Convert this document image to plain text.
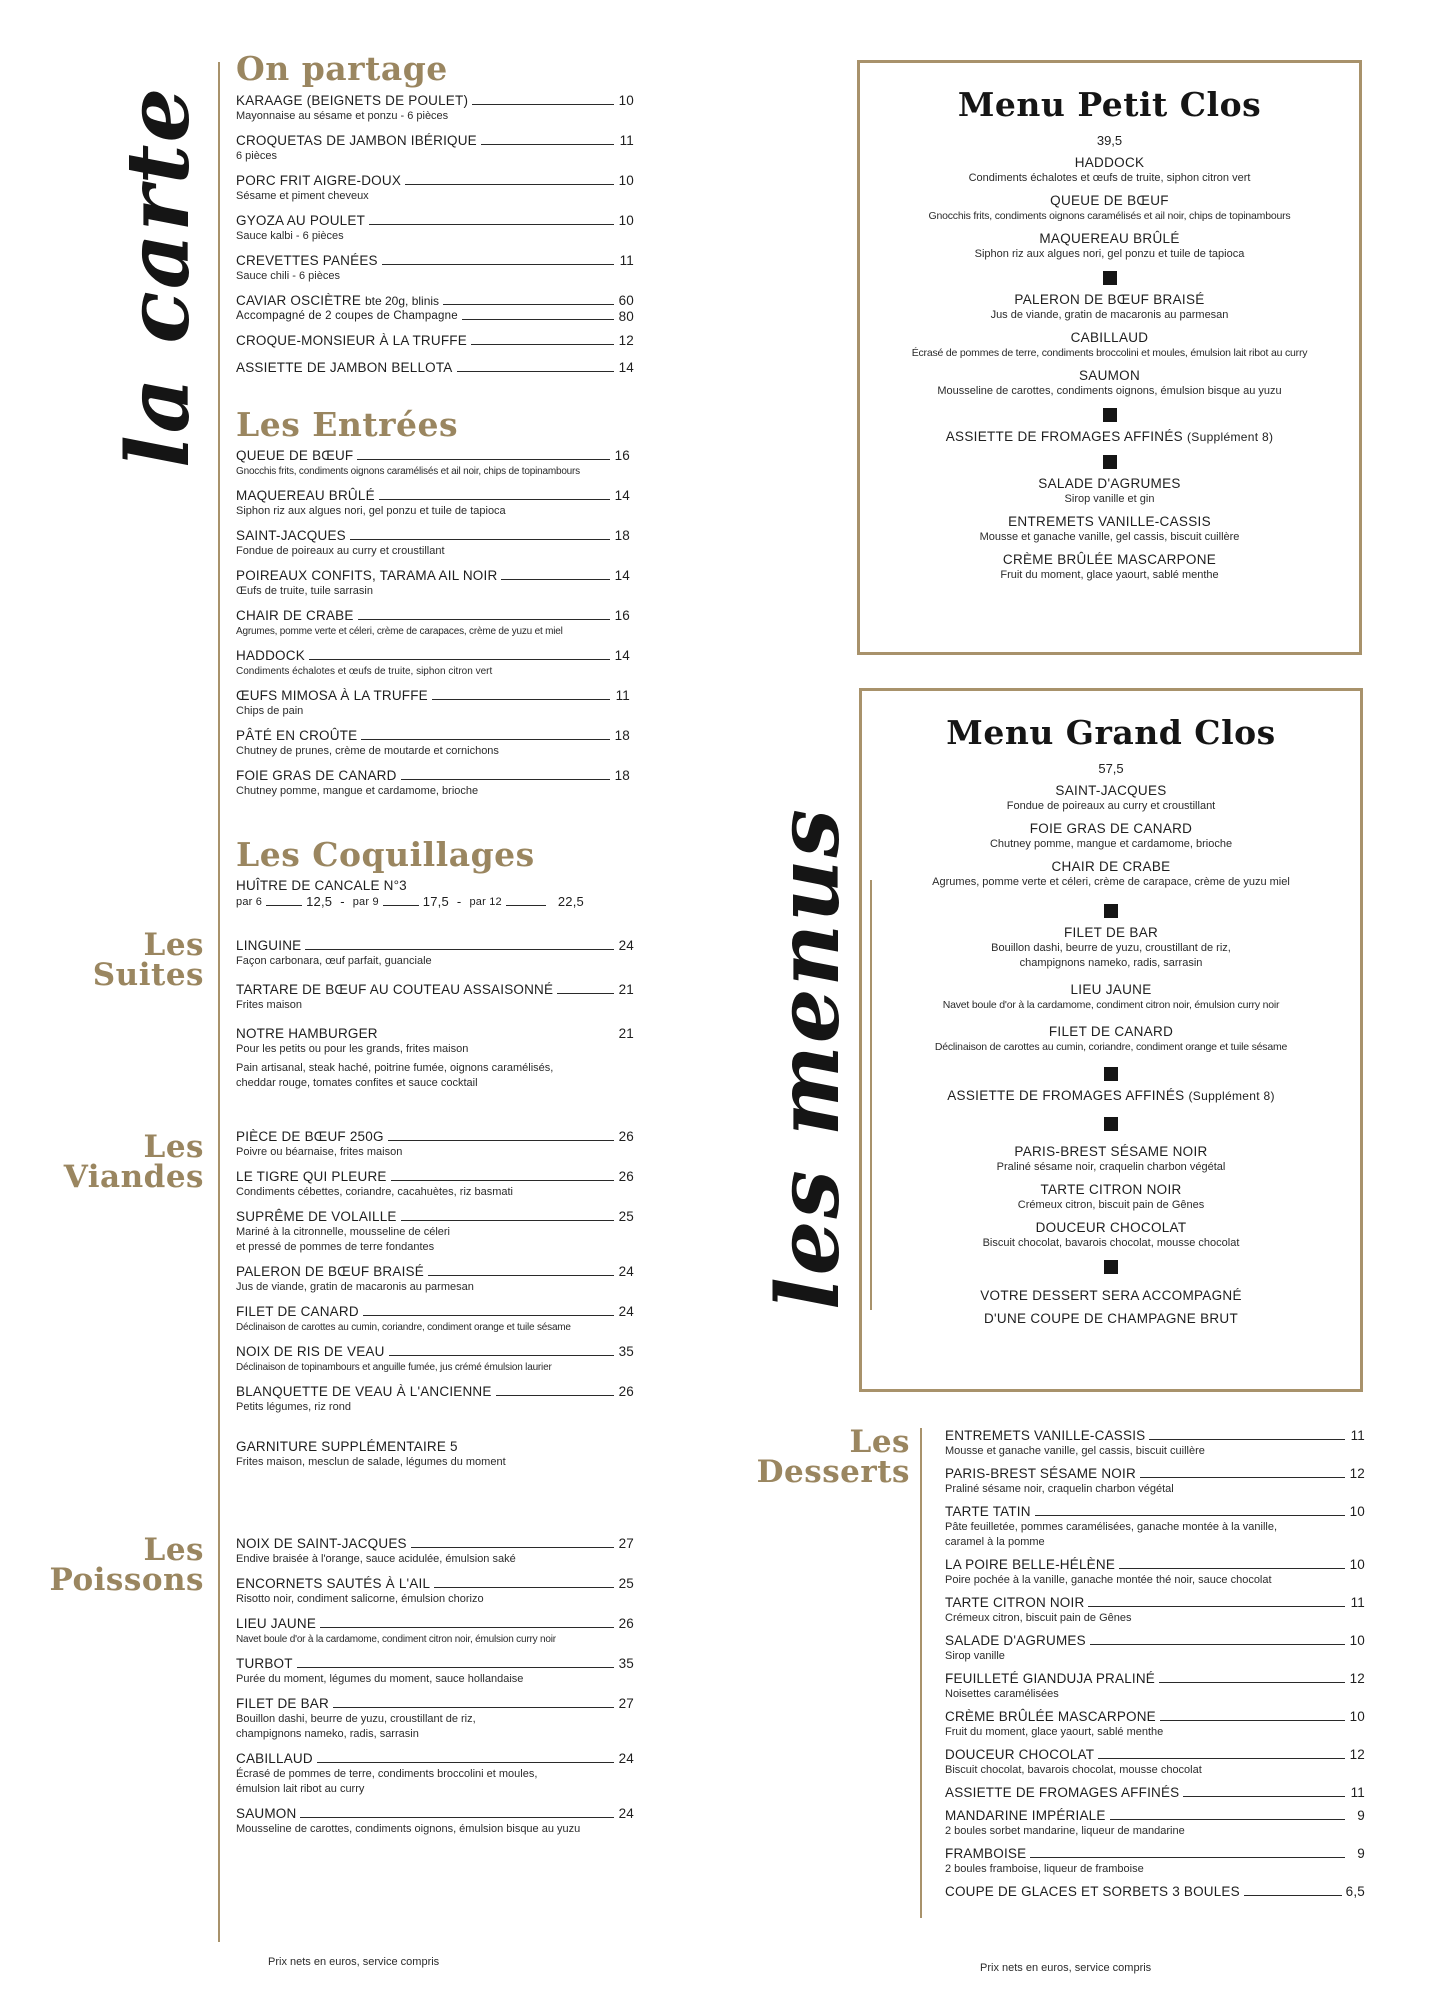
la carte
On partage
KARAAGE (BEIGNETS DE POULET)	10
Mayonnaise au sésame et ponzu - 6 pièces
CROQUETAS DE JAMBON IBÉRIQUE	11
6 pièces
PORC FRIT AIGRE-DOUX	10
Sésame et piment cheveux
GYOZA AU POULET	10
Sauce kalbi - 6 pièces
CREVETTES PANÉES	11
Sauce chili - 6 pièces
CAVIAR OSCIÈTRE bte 20g, blinis	60
Accompagné de 2 coupes de Champagne	80
CROQUE-MONSIEUR À LA TRUFFE	12
ASSIETTE DE JAMBON BELLOTA	14
Les Entrées
QUEUE DE BŒUF	16
Gnocchis frits, condiments oignons caramélisés et ail noir, chips de topinambours
MAQUEREAU BRÛLÉ	14
Siphon riz aux algues nori, gel ponzu et tuile de tapioca
SAINT-JACQUES	18
Fondue de poireaux au curry et croustillant
POIREAUX CONFITS, TARAMA AIL NOIR	14
Œufs de truite, tuile sarrasin
CHAIR DE CRABE	16
Agrumes, pomme verte et céleri, crème de carapaces, crème de yuzu et miel
HADDOCK	14
Condiments échalotes et œufs de truite, siphon citron vert
ŒUFS MIMOSA À LA TRUFFE	11
Chips de pain
PÂTÉ EN CROÛTE	18
Chutney de prunes, crème de moutarde et cornichons
FOIE GRAS DE CANARD	18
Chutney pomme, mangue et cardamome, brioche
Les Coquillages
HUÎTRE DE CANCALE N°3
par 6	12,5 - par 9	17,5 - par 12	22,5
Les
Suites
LINGUINE	24
Façon carbonara, œuf parfait, guanciale
TARTARE DE BŒUF AU COUTEAU ASSAISONNÉ	21
Frites maison
NOTRE HAMBURGER	21
Pour les petits ou pour les grands, frites maison
Pain artisanal, steak haché, poitrine fumée, oignons caramélisés,
cheddar rouge, tomates confites et sauce cocktail
Les
Viandes
PIÈCE DE BŒUF 250G	26
Poivre ou béarnaise, frites maison
LE TIGRE QUI PLEURE	26
Condiments cébettes, coriandre, cacahuètes, riz basmati
SUPRÊME DE VOLAILLE	25
Mariné à la citronnelle, mousseline de céleri
et pressé de pommes de terre fondantes
PALERON DE BŒUF BRAISÉ	24
Jus de viande, gratin de macaronis au parmesan
FILET DE CANARD	24
Déclinaison de carottes au cumin, coriandre, condiment orange et tuile sésame
NOIX DE RIS DE VEAU	35
Déclinaison de topinambours et anguille fumée, jus crémé émulsion laurier
BLANQUETTE DE VEAU À L'ANCIENNE	26
Petits légumes, riz rond
GARNITURE SUPPLÉMENTAIRE 5
Frites maison, mesclun de salade, légumes du moment
Les
Poissons
NOIX DE SAINT-JACQUES	27
Endive braisée à l'orange, sauce acidulée, émulsion saké
ENCORNETS SAUTÉS À L'AIL	25
Risotto noir, condiment salicorne, émulsion chorizo
LIEU JAUNE	26
Navet boule d'or à la cardamome, condiment citron noir, émulsion curry noir
TURBOT	35
Purée du moment, légumes du moment, sauce hollandaise
FILET DE BAR	27
Bouillon dashi, beurre de yuzu, croustillant de riz,
champignons nameko, radis, sarrasin
CABILLAUD	24
Écrasé de pommes de terre, condiments broccolini et moules,
émulsion lait ribot au curry
SAUMON	24
Mousseline de carottes, condiments oignons, émulsion bisque au yuzu
Prix nets en euros, service compris
les menus
Menu Petit Clos
39,5
HADDOCK
Condiments échalotes et œufs de truite, siphon citron vert
QUEUE DE BŒUF
Gnocchis frits, condiments oignons caramélisés et ail noir, chips de topinambours
MAQUEREAU BRÛLÉ
Siphon riz aux algues nori, gel ponzu et tuile de tapioca
PALERON DE BŒUF BRAISÉ
Jus de viande, gratin de macaronis au parmesan
CABILLAUD
Écrasé de pommes de terre, condiments broccolini et moules, émulsion lait ribot au curry
SAUMON
Mousseline de carottes, condiments oignons, émulsion bisque au yuzu
ASSIETTE DE FROMAGES AFFINÉS (Supplément 8)
SALADE D'AGRUMES
Sirop vanille et gin
ENTREMETS VANILLE-CASSIS
Mousse et ganache vanille, gel cassis, biscuit cuillère
CRÈME BRÛLÉE MASCARPONE
Fruit du moment, glace yaourt, sablé menthe
Menu Grand Clos
57,5
SAINT-JACQUES
Fondue de poireaux au curry et croustillant
FOIE GRAS DE CANARD
Chutney pomme, mangue et cardamome, brioche
CHAIR DE CRABE
Agrumes, pomme verte et céleri, crème de carapace, crème de yuzu miel
FILET DE BAR
Bouillon dashi, beurre de yuzu, croustillant de riz,
champignons nameko, radis, sarrasin
LIEU JAUNE
Navet boule d'or à la cardamome, condiment citron noir, émulsion curry noir
FILET DE CANARD
Déclinaison de carottes au cumin, coriandre, condiment orange et tuile sésame
ASSIETTE DE FROMAGES AFFINÉS (Supplément 8)
PARIS-BREST SÉSAME NOIR
Praliné sésame noir, craquelin charbon végétal
TARTE CITRON NOIR
Crémeux citron, biscuit pain de Gênes
DOUCEUR CHOCOLAT
Biscuit chocolat, bavarois chocolat, mousse chocolat
VOTRE DESSERT SERA ACCOMPAGNÉ
D'UNE COUPE DE CHAMPAGNE BRUT
Les
Desserts
ENTREMETS VANILLE-CASSIS	11
Mousse et ganache vanille, gel cassis, biscuit cuillère
PARIS-BREST SÉSAME NOIR	12
Praliné sésame noir, craquelin charbon végétal
TARTE TATIN	10
Pâte feuilletée, pommes caramélisées, ganache montée à la vanille,
caramel à la pomme
LA POIRE BELLE-HÉLÈNE	10
Poire pochée à la vanille, ganache montée thé noir, sauce chocolat
TARTE CITRON NOIR	11
Crémeux citron, biscuit pain de Gênes
SALADE D'AGRUMES	10
Sirop vanille
FEUILLETÉ GIANDUJA PRALINÉ	12
Noisettes caramélisées
CRÈME BRÛLÉE MASCARPONE	10
Fruit du moment, glace yaourt, sablé menthe
DOUCEUR CHOCOLAT	12
Biscuit chocolat, bavarois chocolat, mousse chocolat
ASSIETTE DE FROMAGES AFFINÉS	11
MANDARINE IMPÉRIALE	9
2 boules sorbet mandarine, liqueur de mandarine
FRAMBOISE	9
2 boules framboise, liqueur de framboise
COUPE DE GLACES ET SORBETS 3 BOULES	6,5
Prix nets en euros, service compris
